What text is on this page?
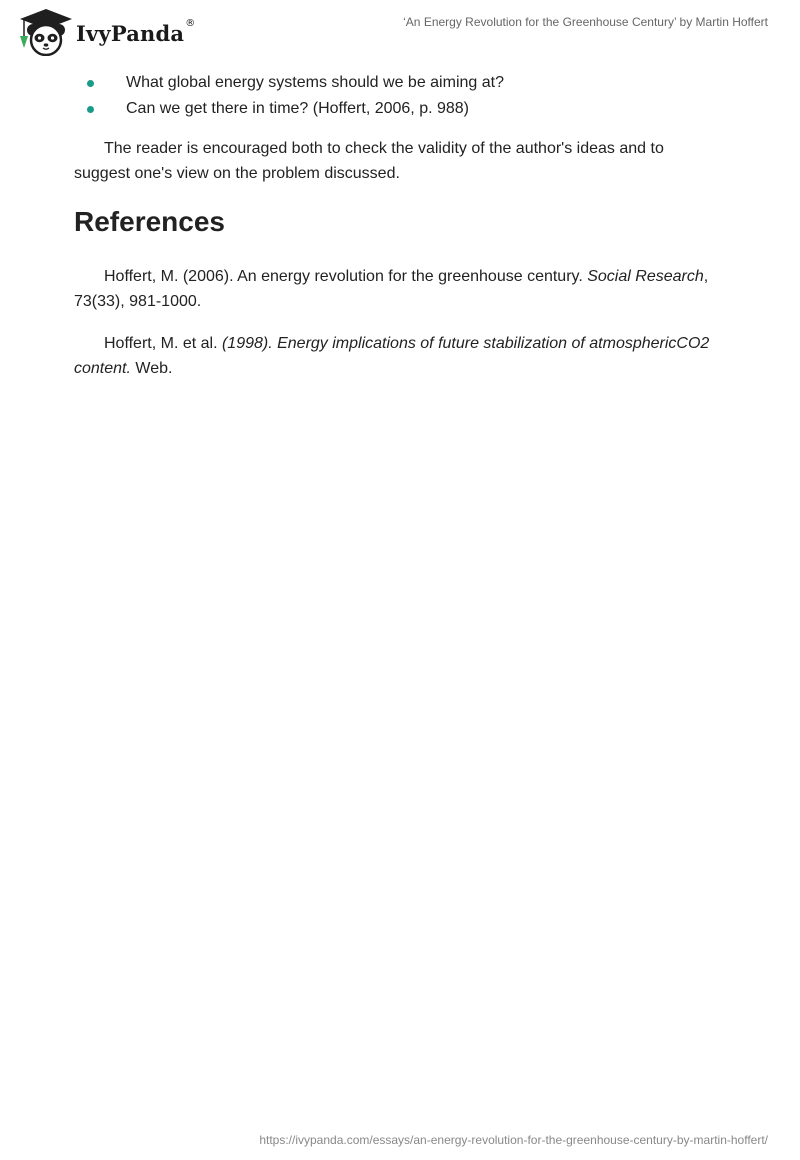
IvyPanda ®	‘An Energy Revolution for the Greenhouse Century’ by Martin Hoffert
What global energy systems should we be aiming at?
Can we get there in time? (Hoffert, 2006, p. 988)

The reader is encouraged both to check the validity of the author's ideas and to suggest one's view on the problem discussed.

References

Hoffert, M. (2006). An energy revolution for the greenhouse century. Social Research, 73(33), 981-1000.

Hoffert, M. et al. (1998). Energy implications of future stabilization of atmosphericCO2 content. Web.

https://ivypanda.com/essays/an-energy-revolution-for-the-greenhouse-century-by-martin-hoffert/
